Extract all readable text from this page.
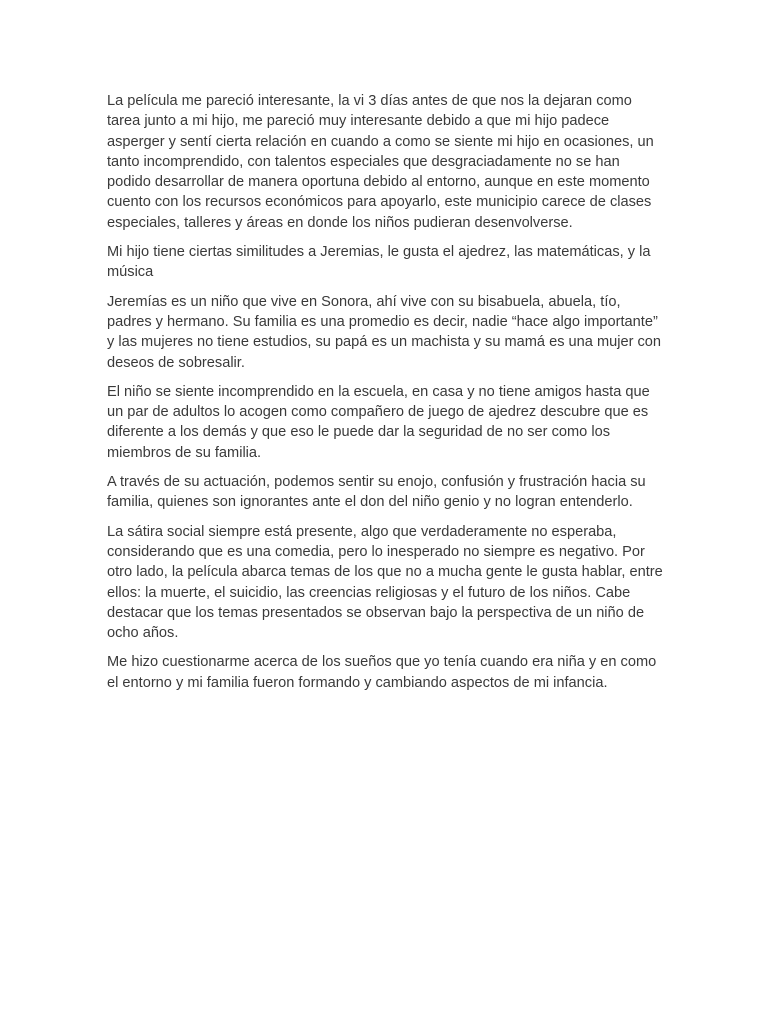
La película me pareció interesante, la vi 3 días antes de que nos la dejaran como tarea junto a mi hijo, me pareció muy interesante debido a que mi hijo padece asperger y sentí cierta relación en cuando a como se siente mi hijo en ocasiones, un tanto incomprendido, con talentos especiales que desgraciadamente no se han podido desarrollar de manera oportuna debido al entorno, aunque en este momento cuento con los recursos económicos para apoyarlo, este municipio carece de clases especiales, talleres y áreas en donde los niños pudieran desenvolverse.

Mi hijo tiene ciertas similitudes a Jeremias, le gusta el ajedrez, las matemáticas, y la música

Jeremías es un niño que vive en Sonora, ahí vive con su bisabuela, abuela, tío, padres y hermano. Su familia es una promedio es decir, nadie “hace algo importante” y las mujeres no tiene estudios, su papá es un machista y su mamá es una mujer con deseos de sobresalir.

El niño se siente incomprendido en la escuela, en casa y no tiene amigos hasta que un par de adultos lo acogen como compañero de juego de ajedrez descubre que es diferente a los demás y que eso le puede dar la seguridad de no ser como los miembros de su familia.

A través de su actuación, podemos sentir su enojo, confusión y frustración hacia su familia, quienes son ignorantes ante el don del niño genio y no logran entenderlo.

La sátira social siempre está presente, algo que verdaderamente no esperaba, considerando que es una comedia, pero lo inesperado no siempre es negativo. Por otro lado, la película abarca temas de los que no a mucha gente le gusta hablar, entre ellos: la muerte, el suicidio, las creencias religiosas y el futuro de los niños. Cabe destacar que los temas presentados se observan bajo la perspectiva de un niño de ocho años.

Me hizo cuestionarme acerca de los sueños que yo tenía cuando era niña y en como el entorno y mi familia fueron formando y cambiando aspectos de mi infancia.
